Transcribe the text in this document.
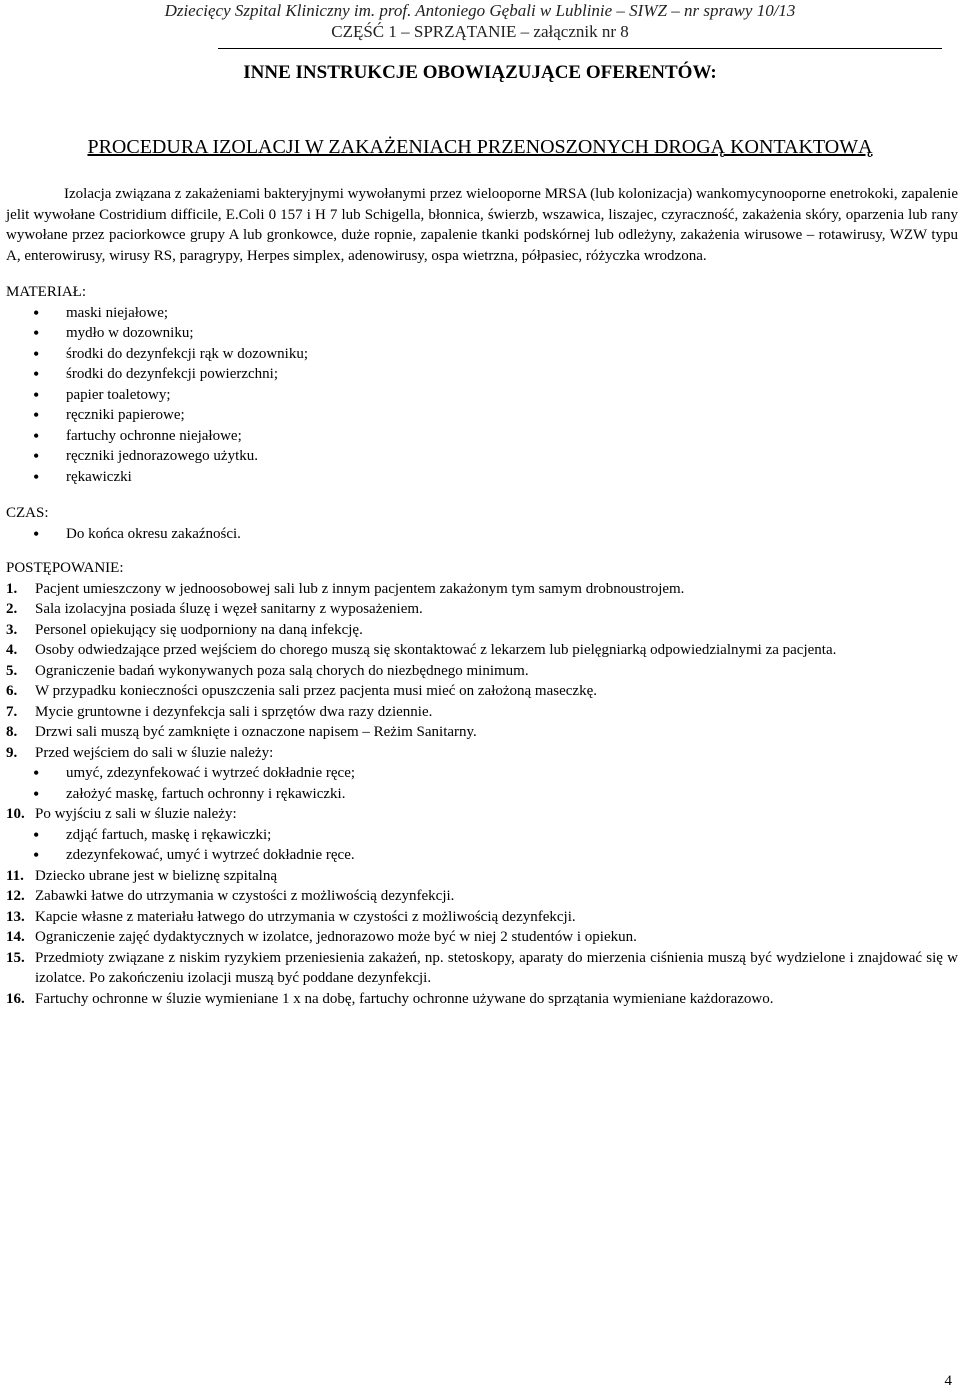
Dziecięcy Szpital Kliniczny im. prof. Antoniego Gębali w Lublinie – SIWZ – nr sprawy 10/13
CZĘŚĆ 1 – SPRZĄTANIE – załącznik nr 8
INNE INSTRUKCJE OBOWIĄZUJĄCE OFERENTÓW:
PROCEDURA IZOLACJI W ZAKAŻENIACH PRZENOSZONYCH DROGĄ KONTAKTOWĄ

Izolacja związana z zakażeniami bakteryjnymi wywołanymi przez wielooporne MRSA (lub kolonizacja) wankomycynooporne enetrokoki, zapalenie jelit wywołane Costridium difficile, E.Coli 0 157 i H 7 lub Schigella, błonnica, świerzb, wszawica, liszajec, czyraczność, zakażenia skóry, oparzenia lub rany wywołane przez paciorkowce grupy A lub gronkowce, duże ropnie, zapalenie tkanki podskórnej lub odleżyny, zakażenia wirusowe – rotawirusy, WZW typu A, enterowirusy, wirusy RS, paragrypy, Herpes simplex, adenowirusy, ospa wietrzna, półpasiec, różyczka wrodzona.

MATERIAŁ:

• maski niejałowe;
• mydło w dozowniku;
• środki do dezynfekcji rąk w dozowniku;
• środki do dezynfekcji powierzchni;
• papier toaletowy;
• ręczniki papierowe;
• fartuchy ochronne niejałowe;
• ręczniki jednorazowego użytku.
• rękawiczki

CZAS:

• Do końca okresu zakaźności.

POSTĘPOWANIE:

1. Pacjent umieszczony w jednoosobowej sali lub z innym pacjentem zakażonym tym samym drobnoustrojem.
2. Sala izolacyjna posiada śluzę i węzeł sanitarny z wyposażeniem.
3. Personel opiekujący się uodporniony na daną infekcję.
4. Osoby odwiedzające przed wejściem do chorego muszą się skontaktować z lekarzem lub pielęgniarką odpowiedzialnymi za pacjenta.
5. Ograniczenie badań wykonywanych poza salą chorych do niezbędnego minimum.
6. W przypadku konieczności opuszczenia sali przez pacjenta musi mieć on założoną maseczkę.
7. Mycie gruntowne i dezynfekcja sali i sprzętów dwa razy dziennie.
8. Drzwi sali muszą być zamknięte i oznaczone napisem – Reżim Sanitarny.
9. Przed wejściem do sali w śluzie należy:
• umyć, zdezynfekować i wytrzeć dokładnie ręce;
• założyć maskę, fartuch ochronny i rękawiczki.
10. Po wyjściu z sali w śluzie należy:
• zdjąć fartuch, maskę i rękawiczki;
• zdezynfekować, umyć i wytrzeć dokładnie ręce.
11. Dziecko ubrane jest w bieliznę szpitalną
12. Zabawki łatwe do utrzymania w czystości z możliwością dezynfekcji.
13. Kapcie własne z materiału łatwego do utrzymania w czystości z możliwością dezynfekcji.
14. Ograniczenie zajęć dydaktycznych w izolatce, jednorazowo może być w niej 2 studentów i opiekun.
15. Przedmioty związane z niskim ryzykiem przeniesienia zakażeń, np. stetoskopy, aparaty do mierzenia ciśnienia muszą być wydzielone i znajdować się w izolatce. Po zakończeniu izolacji muszą być poddane dezynfekcji.
16. Fartuchy ochronne w śluzie wymieniane 1 x na dobę, fartuchy ochronne używane do sprzątania wymieniane każdorazowo.
4
